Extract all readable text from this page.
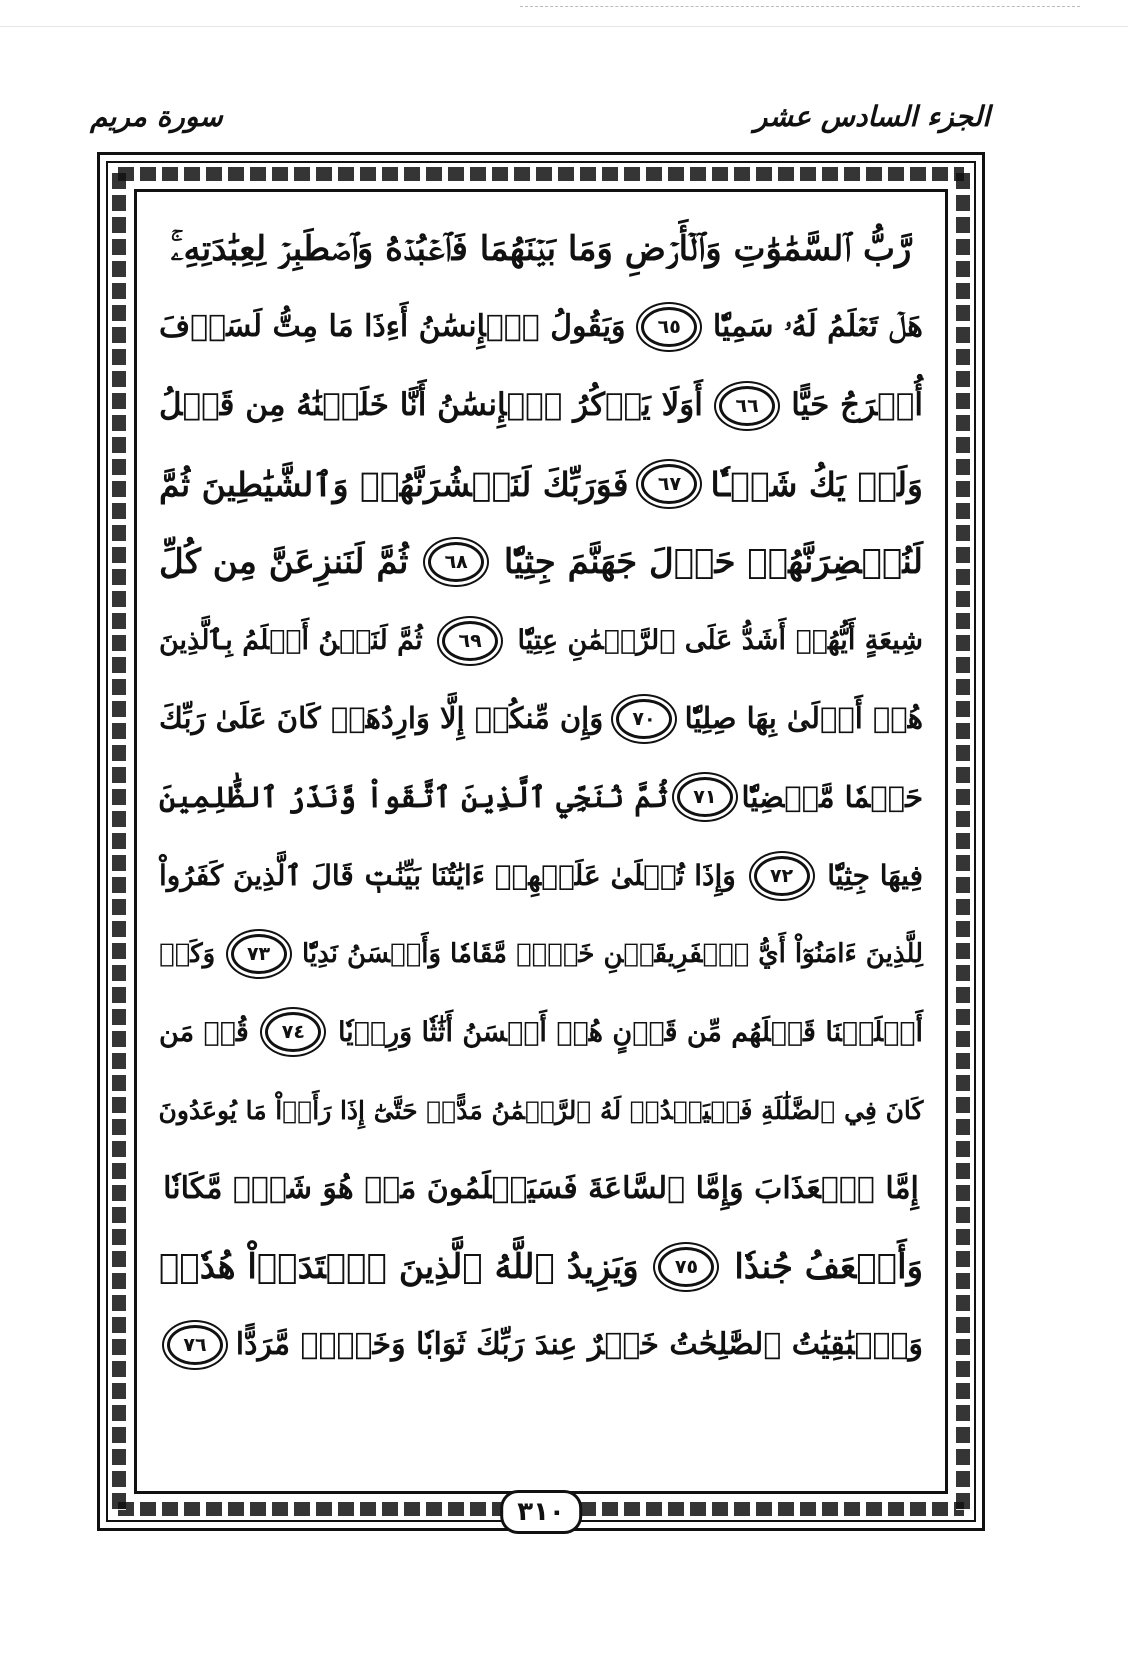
الجزء السادس عشر
سورة مريم
رَّبُّ ٱلسَّمَٰوَٰتِ وَٱلۡأَرۡضِ وَمَا بَيۡنَهُمَا فَٱعۡبُدۡهُ وَٱصۡطَبِرۡ لِعِبَٰدَتِهِۦۚ
هَلۡ تَعۡلَمُ لَهُۥ سَمِيّٗا
٦٥
وَيَقُولُ ٱلۡإِنسَٰنُ أَءِذَا مَا مِتُّ لَسَوۡفَ
أُخۡرَجُ حَيًّا
٦٦
أَوَلَا يَذۡكُرُ ٱلۡإِنسَٰنُ أَنَّا خَلَقۡنَٰهُ مِن قَبۡلُ
وَلَمۡ يَكُ شَيۡـٔٗا
٦٧
فَوَرَبِّكَ لَنَحۡشُرَنَّهُمۡ وَٱلشَّيَٰطِينَ ثُمَّ
لَنُحۡضِرَنَّهُمۡ حَوۡلَ جَهَنَّمَ جِثِيّٗا
٦٨
ثُمَّ لَنَنزِعَنَّ مِن كُلِّ
شِيعَةٍ أَيُّهُمۡ أَشَدُّ عَلَى ٱلرَّحۡمَٰنِ عِتِيّٗا
٦٩
ثُمَّ لَنَحۡنُ أَعۡلَمُ بِٱلَّذِينَ
هُمۡ أَوۡلَىٰ بِهَا صِلِيّٗا
٧٠
وَإِن مِّنكُمۡ إِلَّا وَارِدُهَاۚ كَانَ عَلَىٰ رَبِّكَ
حَتۡمٗا مَّقۡضِيّٗا
٧١
ثُمَّ نُنَجِّي ٱلَّذِينَ ٱتَّقَواْ وَّنَذَرُ ٱلظَّٰلِمِينَ
فِيهَا جِثِيّٗا
٧٢
وَإِذَا تُتۡلَىٰ عَلَيۡهِمۡ ءَايَٰتُنَا بَيِّنَٰتٖ قَالَ ٱلَّذِينَ كَفَرُواْ
لِلَّذِينَ ءَامَنُوٓاْ أَيُّ ٱلۡفَرِيقَيۡنِ خَيۡرٞ مَّقَامٗا وَأَحۡسَنُ نَدِيّٗا
٧٣
وَكَمۡ
أَهۡلَكۡنَا قَبۡلَهُم مِّن قَرۡنٍ هُمۡ أَحۡسَنُ أَثَٰثٗا وَرِءۡيٗا
٧٤
قُلۡ مَن
كَانَ فِي ٱلضَّلَٰلَةِ فَلۡيَمۡدُدۡ لَهُ ٱلرَّحۡمَٰنُ مَدًّاۚ حَتَّىٰٓ إِذَا رَأَوۡاْ مَا يُوعَدُونَ
إِمَّا ٱلۡعَذَابَ وَإِمَّا ٱلسَّاعَةَ فَسَيَعۡلَمُونَ مَنۡ هُوَ شَرّٞ مَّكَانٗا
وَأَضۡعَفُ جُندٗا
٧٥
وَيَزِيدُ ٱللَّهُ ٱلَّذِينَ ٱهۡتَدَوۡاْ هُدٗىۗ
وَٱلۡبَٰقِيَٰتُ ٱلصَّٰلِحَٰتُ خَيۡرٌ عِندَ رَبِّكَ ثَوَابٗا وَخَيۡرٞ مَّرَدًّا
٧٦
٣١٠
